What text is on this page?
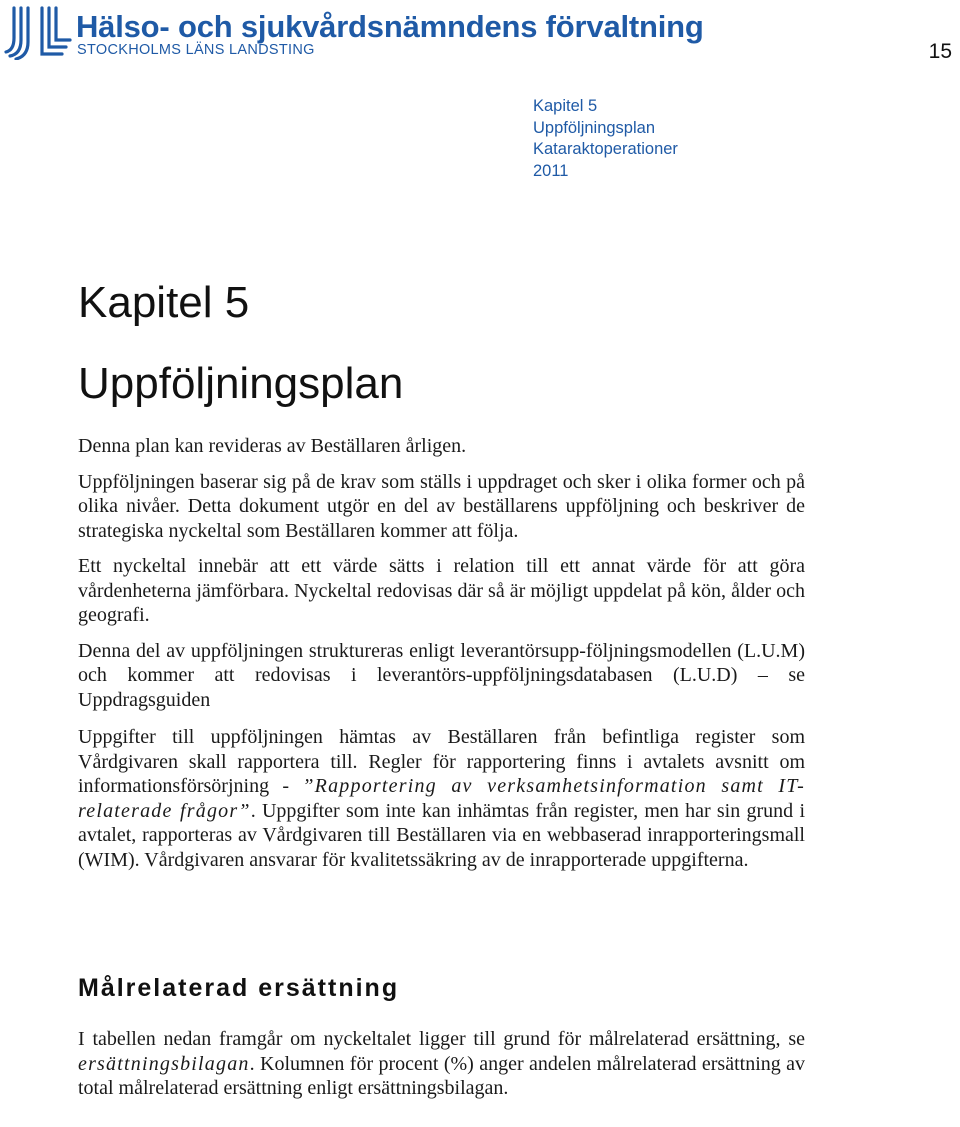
Hälso- och sjukvårdsnämndens förvaltning
STOCKHOLMS LÄNS LANDSTING	15
Kapitel 5
Uppföljningsplan
Kataraktoperationer
2011
Kapitel 5
Uppföljningsplan

Denna plan kan revideras av Beställaren årligen.

Uppföljningen baserar sig på de krav som ställs i uppdraget och sker i olika former och på olika nivåer. Detta dokument utgör en del av beställarens uppföljning och beskriver de strategiska nyckeltal som Beställaren kommer att följa.

Ett nyckeltal innebär att ett värde sätts i relation till ett annat värde för att göra vårdenheterna jämförbara. Nyckeltal redovisas där så är möjligt uppdelat på kön, ålder och geografi.

Denna del av uppföljningen struktureras enligt leverantörsupp-följningsmodellen (L.U.M) och kommer att redovisas i leverantörs-uppföljningsdatabasen (L.U.D) – se Uppdragsguiden

Uppgifter till uppföljningen hämtas av Beställaren från befintliga register som Vårdgivaren skall rapportera till. Regler för rapportering finns i avtalets avsnitt om informationsförsörjning - ”Rapportering av verksamhetsinformation samt IT-relaterade frågor”. Uppgifter som inte kan inhämtas från register, men har sin grund i avtalet, rapporteras av Vårdgivaren till Beställaren via en webbaserad inrapporteringsmall (WIM). Vårdgivaren ansvarar för kvalitetssäkring av de inrapporterade uppgifterna.

Målrelaterad ersättning

I tabellen nedan framgår om nyckeltalet ligger till grund för målrelaterad ersättning, se ersättningsbilagan. Kolumnen för procent (%) anger andelen målrelaterad ersättning av total målrelaterad ersättning enligt ersättningsbilagan.
